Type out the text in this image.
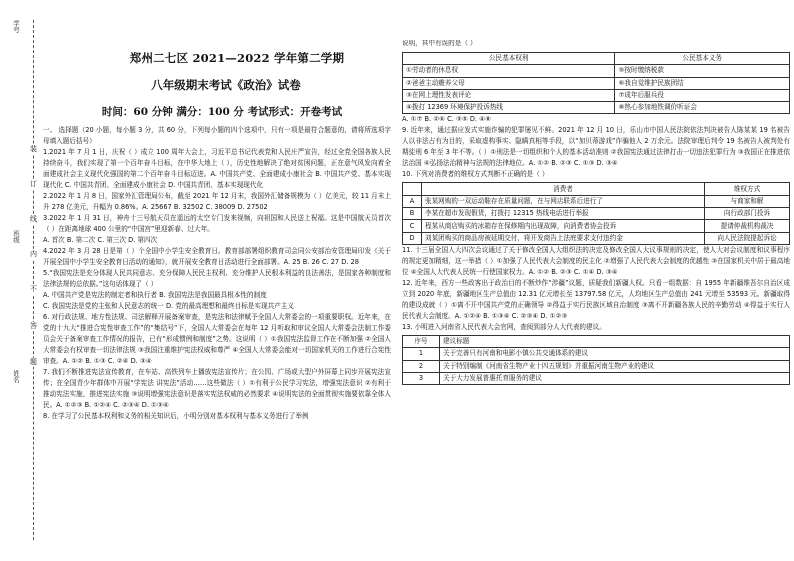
学号
班级
姓名
装
订
线
内
不
答
题

郑州二七区 2021—2022 学年第二学期

八年级期末考试《政治》试卷

时间：60 分钟 满分：100 分 考试形式：开卷考试

一、 选择题（20 小题，每小题 3 分，共 60 分，下列每小题的四个选项中，只有一项是最符合题意的，请将所选项字母填入题后括号）

1.2021 年 7 月 1 日，庆祝（ ）成立 100 周年大会上，习近平总书记代表党和人民庄严宣告，经过全党全国各族人民持续奋斗，我们实现了第一个百年奋斗目标，在中华大地上（ ），历史性地解决了绝对贫困问题，正在意气风发向着全面建成社会主义现代化强国的第二个百年奋斗目标迈进。A. 中国共产党、全面建成小康社会 B. 中国共产党、基本实现现代化 C. 中国共青团、全面建成小康社会 D. 中国共青团、基本实现现代化

2.2022 年 1 月 8 日，国家外汇管理局公布，截至 2021 年 12 月末，我国外汇储备规模为（ ）亿美元，较 11 月末上升 278 亿美元，升幅为 0.86%。A. 25667 B. 32502 C. 38009 D. 27502

3.2022 年 1 月 31 日，神舟十三号航天员在遥远的太空专门发来视频，向祖国和人民送上祝福。这是中国航天员首次（ ）在距离地球 400 公里的“中国宫”里迎新春、过大年。

A. 首次 B. 第二次 C. 第三次 D. 第四次

4.2022 年 3 月 28 日是第（ ）个全国中小学生安全教育日。教育部部署组织教育司会同公安部治安管理局印发《关于开展全国中小学生安全教育日活动的通知》，就开展安全教育日活动进行全面部署。A. 25 B. 26 C. 27 D. 28

5.“我国宪法是充分体现人民共同意志、充分保障人民民主权利、充分维护人民根本利益的良法善法，是国家各种制度和法律法规的总依据。”这句话体现了（ ）

A. 中国共产党是宪法的制定者和执行者 B. 我国宪法是我国最具根本性的制度

C. 我国宪法是党的主张和人民意志的统一 D. 党的最高理想和最终目标是实现共产主义

6. 对行政法规、地方性法规、司法解释开展备案审查，是宪法和法律赋予全国人大常委会的一项重要职权。近年来，在党的十九大“推进合宪性审查工作”的“集结号”下，全国人大常委会在每年 12 月听取和审议全国人大常委会法制工作委员会关于备案审查工作情况的报告，已有“形成惯例和制度”之势。这说明（ ）①我国宪法监督工作在不断加强 ②全国人大常委会有权审查一切法律法规 ③我国注重维护宪法权威和尊严 ④全国人大常委会能对一切国家机关的工作进行合宪性审查。A. ①② B. ①③ C. ②④ D. ③④

7. 我们不断推进宪法宣传教育，在车站、高铁列车上播放宪法宣传片；在公园、广场或大型户外屏幕上同步开展宪法宣传；在全国青少年群体中开展“学宪法 讲宪法”活动……这些做法（ ）①有利于公民学习宪法，增强宪法意识 ②有利于推动宪法实施，推进宪法实施 ③说明增强宪法意识是落实宪法权威的必然要求 ④说明宪法的全面贯彻实施要依靠全体人民。A. ①②③ B. ①②④ C. ②③④ D. ①③④

8. 在学习了公民基本权利和义务的相关知识后，小明分别对基本权利与基本义务进行了举例

说明，其中有误的是（ ）

公民基本权利	公民基本义务
①劳动者的休息权	⑤按时缴纳税款
②爸爸主动赡养父母	⑥我自觉维护民族团结
③在网上理性发表评论	⑦成年后服兵役
④拨打 12369 环境保护投诉热线	⑧热心参加地铁调价听证会

A. ①⑦ B. ②⑥ C. ③⑤ D. ④⑧

9. 近年来，通过据应发式实施诈骗的犯罪屡见不鲜。2021 年 12 月 10 日，乐山市中国人民法院依法判决被告人陈某某 19 名被告人以非法占有为目的，采取虚构事实、隐瞒真相等手段，以“加贝蒂游戏”诈骗他人 2 万余元。法院审理后判令 19 名被告人被判处有期徒刑 6 年至 3 年不等。（ ）①刑法是一切组织和个人的基本活动准则 ②我国宪法通过法律打击一切违法犯罪行为 ③我国正在推进依法治国 ④弘扬法治精神与法规的法律地位。A. ①② B. ②③ C. ①③ D. ③④

10. 下列对消费者的维权方式判断不正确的是（ ）

	消费者	维权方式
A	张某网购的一双运动鞋存在质量问题，在与网店联系后进行了	与商家和解
B	李某在超市发现假货，打拨打 12315 热线电话进行举报	向行政部门投诉
C	程某从商店购买的冰箱存在保修期内出现故障，向消费者协会投诉	提请仲裁机构裁决
D	刘某团购买的商品房被延期交付，将开发商告上法庭要求支付违约金	向人民法院提起诉讼

11. 十三届全国人大四次会议通过了关于修改全国人大组织法的决定及修改全国人大议事规则的决定，使人大对会议制度和议事程序的规定更加精细，这一举措（ ）①加强了人民代表大会制度的民主化 ②增强了人民代表大会制度的优越性 ③在国家机关中居于最高地位 ④全国人大代表人民统一行使国家权力。A. ①② B. ②③ C. ①④ D. ③④

12. 近年来，西方一些政客出于政治目的不断炒作“涉疆”议题，质疑我们新疆人权。只看一组数据：自 1955 年新疆维吾尔自治区成立到 2020 年底，新疆地区生产总值由 12.31 亿元增长至 13797.58 亿元，人均地区生产总值由 241 元增至 53593 元。新疆取得的建设成就（ ）①离不开中国共产党的正确领导 ②得益于实行民族区域自治制度 ③离不开新疆各族人民的辛勤劳动 ④得益于实行人民代表大会制度。A. ①②④ B. ①③④ C. ②③④ D. ①②③

13. 小明进入河南省人民代表大会官网，查阅到部分人大代表的建议。

序号	建议标题
1	关于完善只有河南和电影小镇公共交通体系的建议
2	关于特别编制《河南省生物产业十四五规划》并重振河南生物产业的建议
3	关于大力发展普惠托育服务的建议
